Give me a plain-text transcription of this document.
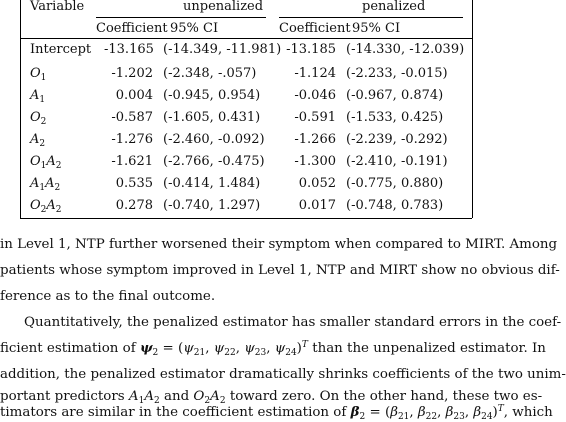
Variable	unpenalized	penalized
Coefficient 95% CI	Coefficient 95% CI
Intercept -13.165 (-14.349, -11.981) -13.185 (-14.330, -12.039)
$O_1$	-1.202 (-2.348, -.057)	-1.124 (-2.233, -0.015)
$A_1$	0.004 (-0.945, 0.954)	-0.046 (-0.967, 0.874)
$O_2$	-0.587 (-1.605, 0.431)	-0.591 (-1.533, 0.425)
$A_2$	-1.276 (-2.460, -0.092)	-1.266 (-2.239, -0.292)
$O_1A_2$	-1.621 (-2.766, -0.475)	-1.300 (-2.410, -0.191)
$A_1A_2$	0.535 (-0.414, 1.484)	0.052 (-0.775, 0.880)
$O_2A_2$	0.278 (-0.740, 1.297)	0.017 (-0.748, 0.783)
in Level 1, NTP further worsened their symptom when compared to MIRT. Among
patients whose symptom improved in Level 1, NTP and MIRT show no obvious dif-
ference as to the final outcome.
Quantitatively, the penalized estimator has smaller standard errors in the coef-
ficient estimation of $\psi_2 = (\psi_{21}$, $\psi_{22}$, $\psi_{23}$, $\psi_{24})^T$ than the unpenalized estimator. In
addition, the penalized estimator dramatically shrinks coefficients of the two unim-
portant predictors $A_1A_2$ and $O_2A_2$ toward zero. On the other hand, these two es-
timators are similar in the coefficient estimation of $\beta_2 = (\beta_{21}$, $\beta_{22}$, $\beta_{23}$, $\beta_{24})^T$, which
